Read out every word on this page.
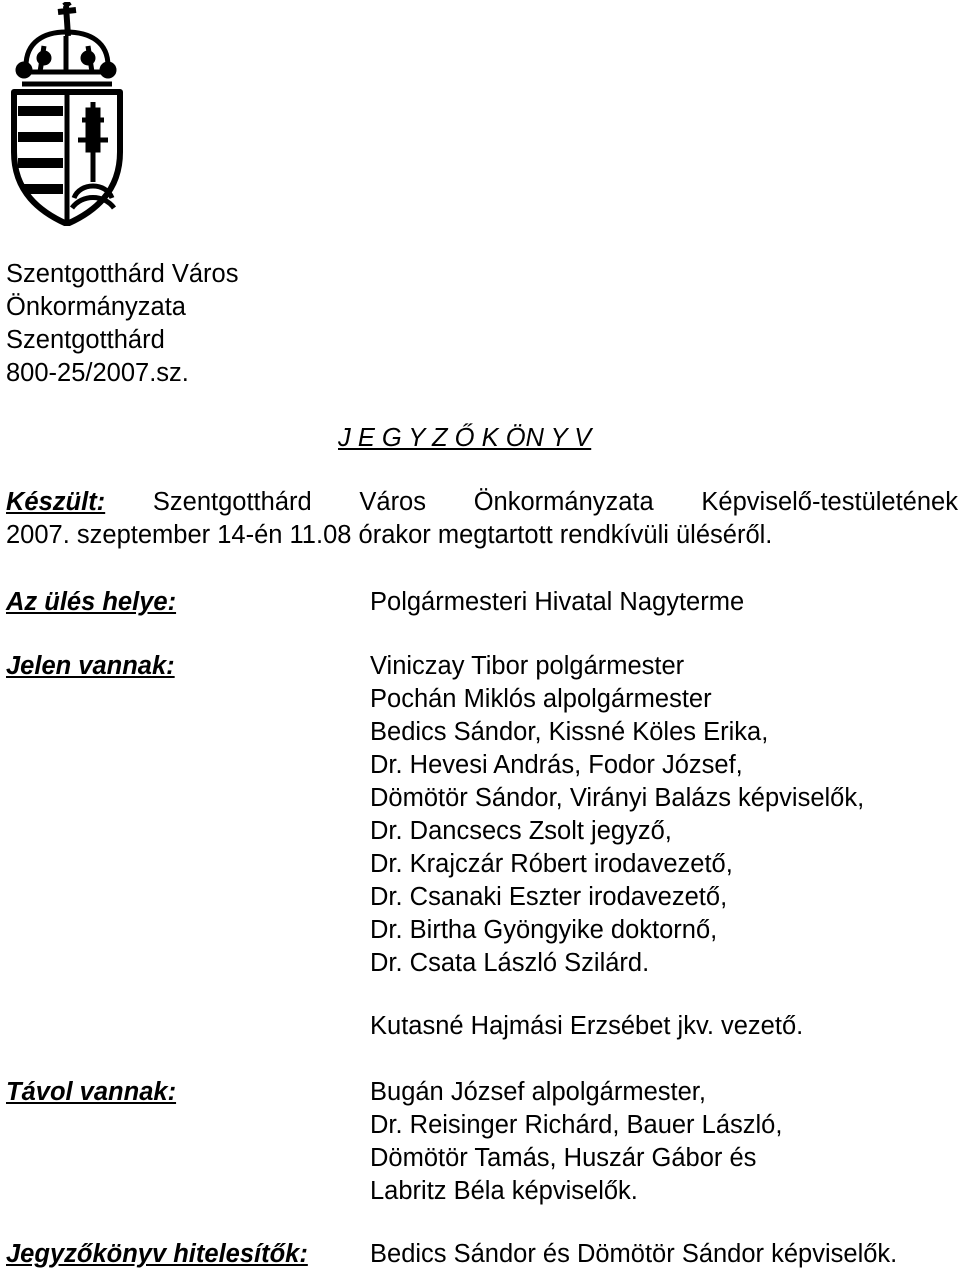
Szentgotthárd Város
Önkormányzata
Szentgotthárd
800-25/2007.sz.
J E G Y Z Ő K ÖN Y V
Készült: Szentgotthárd Város Önkormányzata Képviselő-testületének
2007. szeptember 14-én 11.08 órakor megtartott rendkívüli üléséről.
Az ülés helye:	Polgármesteri Hivatal Nagyterme
Jelen vannak:	Viniczay Tibor polgármester
Pochán Miklós alpolgármester
Bedics Sándor, Kissné Köles Erika,
Dr. Hevesi András, Fodor József,
Dömötör Sándor, Virányi Balázs képviselők,
Dr. Dancsecs Zsolt jegyző,
Dr. Krajczár Róbert irodavezető,
Dr. Csanaki Eszter irodavezető,
Dr. Birtha Gyöngyike doktornő,
Dr. Csata László Szilárd.
Kutasné Hajmási Erzsébet jkv. vezető.
Távol vannak:	Bugán József alpolgármester,
Dr. Reisinger Richárd, Bauer László,
Dömötör Tamás, Huszár Gábor és
Labritz Béla képviselők.
Jegyzőkönyv hitelesítők: Bedics Sándor és Dömötör Sándor képviselők.
